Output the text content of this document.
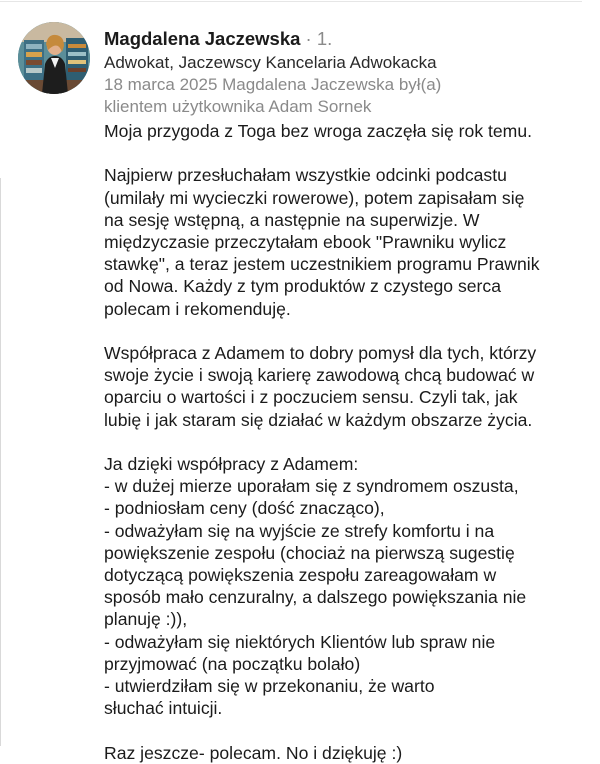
Magdalena Jaczewska · 1.
Adwokat, Jaczewscy Kancelaria Adwokacka
18 marca 2025 Magdalena Jaczewska był(a)
klientem użytkownika Adam Sornek

Moja przygoda z Toga bez wroga zaczęła się rok temu.

Najpierw przesłuchałam wszystkie odcinki podcastu
(umilały mi wycieczki rowerowe), potem zapisałam się
na sesję wstępną, a następnie na superwizje. W
międzyczasie przeczytałam ebook "Prawniku wylicz
stawkę", a teraz jestem uczestnikiem programu Prawnik
od Nowa. Każdy z tym produktów z czystego serca
polecam i rekomenduję.

Współpraca z Adamem to dobry pomysł dla tych, którzy
swoje życie i swoją karierę zawodową chcą budować w
oparciu o wartości i z poczuciem sensu. Czyli tak, jak
lubię i jak staram się działać w każdym obszarze życia.

Ja dzięki współpracy z Adamem:
- w dużej mierze uporałam się z syndromem oszusta,
- podniosłam ceny (dość znacząco),
- odważyłam się na wyjście ze strefy komfortu i na
powiększenie zespołu (chociaż na pierwszą sugestię
dotyczącą powiększenia zespołu zareagowałam w
sposób mało cenzuralny, a dalszego powiększania nie
planuję :)),
- odważyłam się niektórych Klientów lub spraw nie
przyjmować (na początku bolało)
- utwierdziłam się w przekonaniu, że warto
słuchać intuicji.

Raz jeszcze- polecam. No i dziękuję :)
